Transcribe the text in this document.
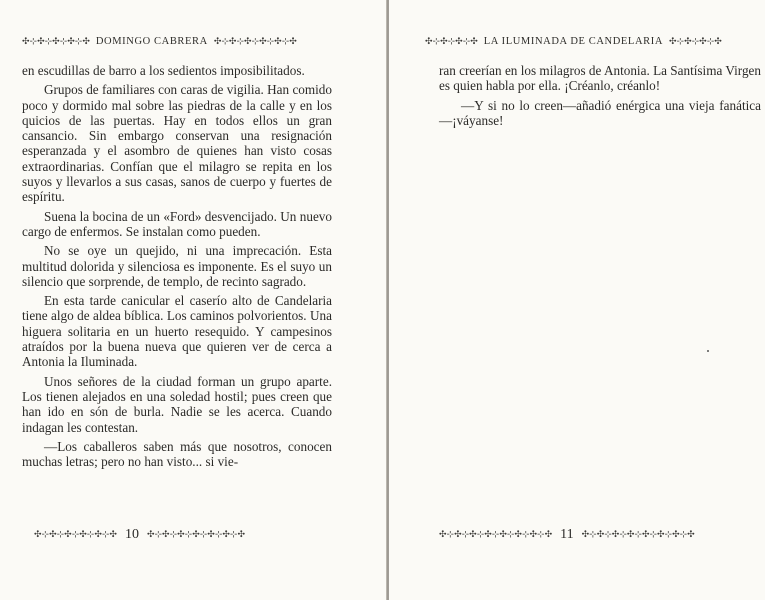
✣⊹✣⊹✣⊹✣⊹✣ DOMINGO CABRERA ✣⊹✣⊹✣⊹✣⊹✣⊹✣

en escudillas de barro a los sedientos imposibilitados.

Grupos de familiares con caras de vigilia. Han comido poco y dormido mal sobre las piedras de la calle y en los quicios de las puertas. Hay en todos ellos un gran cansancio. Sin embargo conservan una resignación esperanzada y el asombro de quienes han visto cosas extraordinarias. Confían que el milagro se repita en los suyos y llevarlos a sus casas, sanos de cuerpo y fuertes de espíritu.

Suena la bocina de un «Ford» desvencijado. Un nuevo cargo de enfermos. Se instalan como pueden.

No se oye un quejido, ni una imprecación. Esta multitud dolorida y silenciosa es imponente. Es el suyo un silencio que sorprende, de templo, de recinto sagrado.

En esta tarde canicular el caserío alto de Candelaria tiene algo de aldea bíblica. Los caminos polvorientos. Una higuera solitaria en un huerto resequido. Y campesinos atraídos por la buena nueva que quieren ver de cerca a Antonia la Iluminada.

Unos señores de la ciudad forman un grupo aparte. Los tienen alejados en una soledad hostil; pues creen que han ido en són de burla. Nadie se les acerca. Cuando indagan les contestan.

—Los caballeros saben más que nosotros, conocen muchas letras; pero no han visto... si vie-

✣⊹✣⊹✣⊹✣⊹✣⊹✣ 10 ✣⊹✣⊹✣⊹✣⊹✣⊹✣⊹✣
✣⊹✣⊹✣⊹✣ LA ILUMINADA DE CANDELARIA ✣⊹✣⊹✣⊹✣

ran creerían en los milagros de Antonia. La Santísima Virgen es quien habla por ella. ¡Créanlo, créanlo!

—Y si no lo creen—añadió enérgica una vieja fanática—¡váyanse!

✣⊹✣⊹✣⊹✣⊹✣⊹✣⊹✣⊹✣ 11 ✣⊹✣⊹✣⊹✣⊹✣⊹✣⊹✣⊹✣
